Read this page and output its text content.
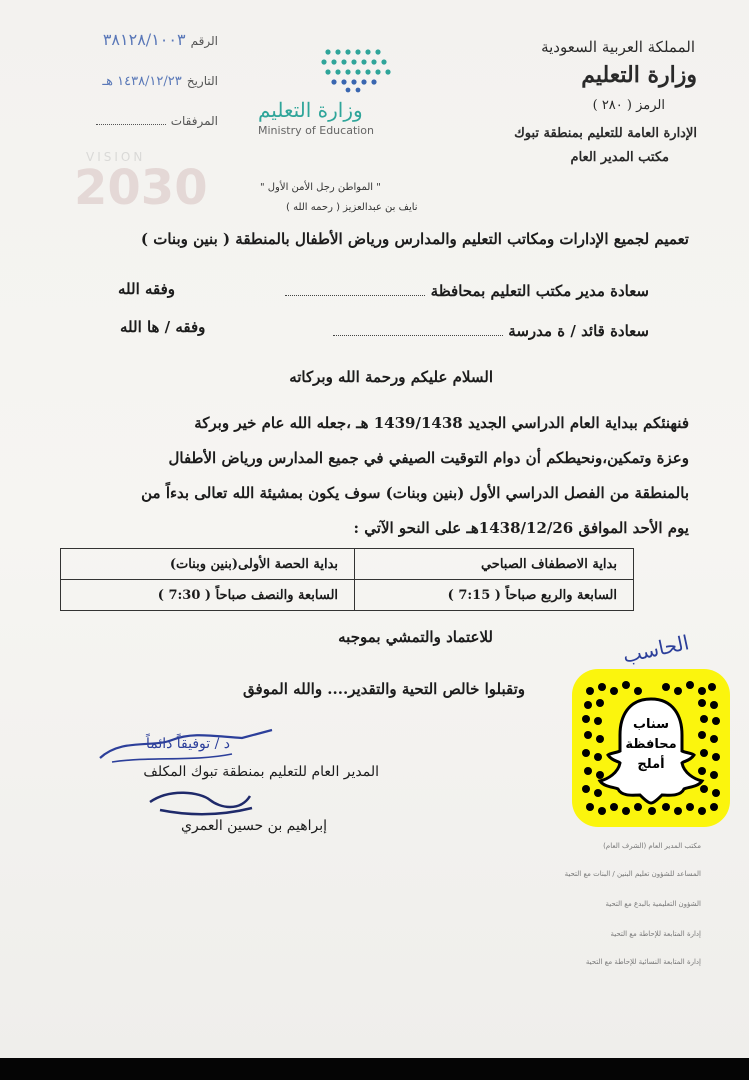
المملكة العربية السعودية
وزارة التعليم
الرمز ( ٢٨٠ )
الإدارة العامة للتعليم بمنطقة تبوك
مكتب المدير العام
الرقم ٣٨١٢٨/١٠٠٣
التاريخ ١٤٣٨/١٢/٢٣ هـ
المرفقات وزارة التعليم
Ministry of Education
VISION
2030	" المواطن رجل الأمن الأول "
نايف بن عبدالعزيز ( رحمه الله )
تعميم لجميع الإدارات ومكاتب التعليم والمدارس ورياض الأطفال بالمنطقة ( بنين وبنات )
سعادة مدير مكتب التعليم بمحافظة
وفقه الله
سعادة قائد / ة مدرسة
وفقه / ها الله
السلام عليكم ورحمة الله وبركاته
فنهنئكم ببداية العام الدراسي الجديد 1439/1438 هـ ،جعله الله عام خير وبركة
وعزة وتمكين،ونحيطكم أن دوام التوقيت الصيفي في جميع المدارس ورياض الأطفال
بالمنطقة من الفصل الدراسي الأول (بنين وبنات) سوف يكون بمشيئة الله تعالى بدءاً من
يوم الأحد الموافق 1438/12/26هـ على النحو الآتي :
بداية الاصطفاف الصباحي	بداية الحصة الأولى(بنين وبنات)
السابعة والربع صباحاً ( 7:15 )	السابعة والنصف صباحاً ( 7:30 )
للاعتماد والتمشي بموجبه
وتقبلوا خالص التحية والتقدير.... والله الموفق
د / توفيقاً دائماً
المدير العام للتعليم بمنطقة تبوك المكلف
إبراهيم بن حسين العمري
الحاسب
مكتب المدير العام (الشرف العام)
المساعد للشؤون تعليم البنين / البنات مع التحية
الشؤون التعليمية بالبدع مع التحية
إدارة المتابعة للإحاطة مع التحية
إدارة المتابعة النسائية للإحاطة مع التحية
سناب
محافظة
أملج
